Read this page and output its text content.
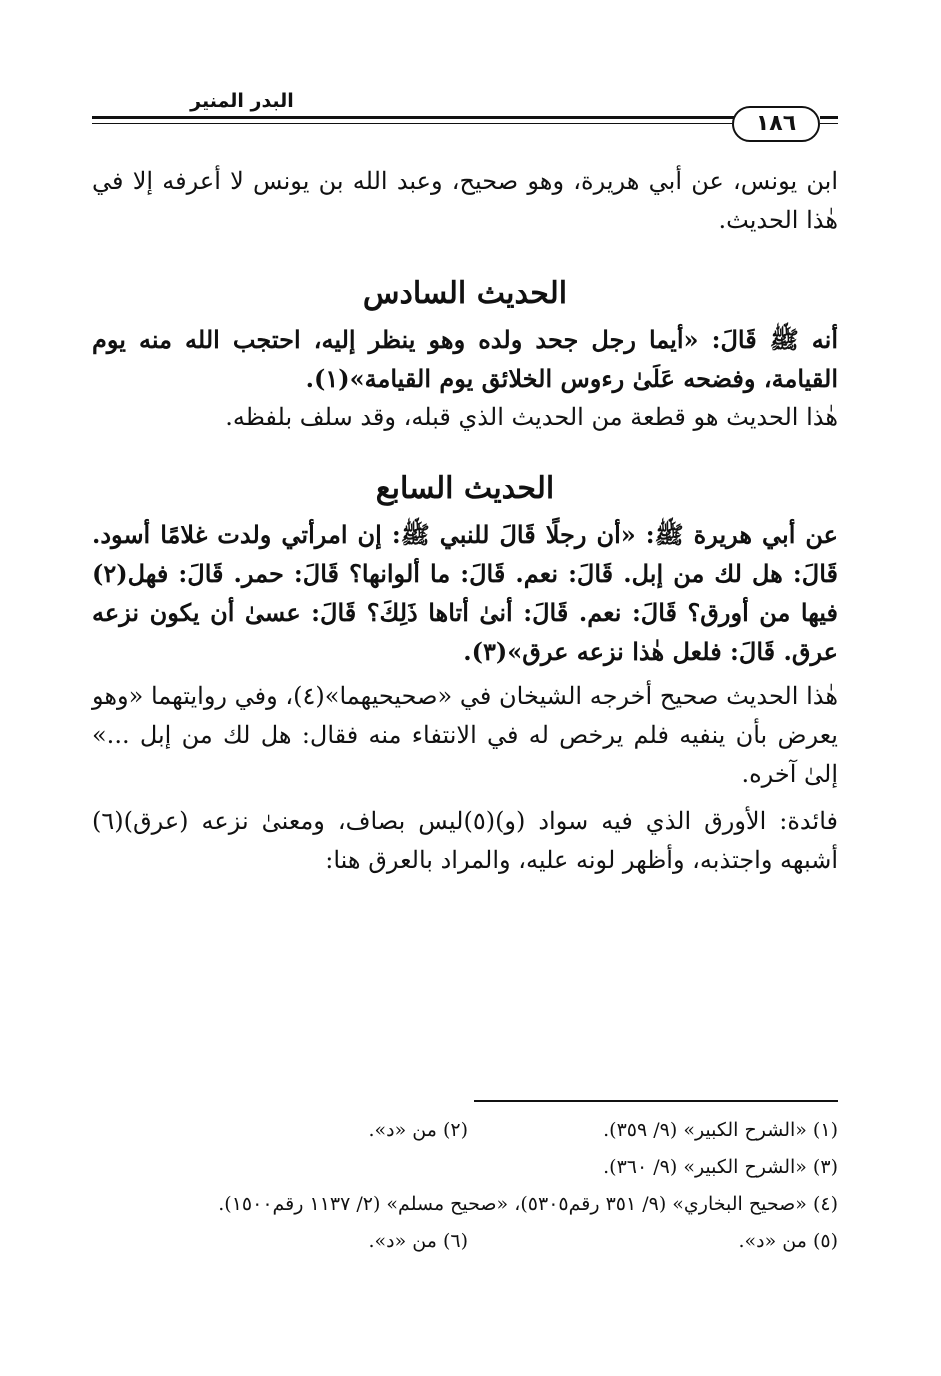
البدر المنير
١٨٦

ابن يونس، عن أبي هريرة، وهو صحيح، وعبد الله بن يونس لا أعرفه إلا في هٰذا الحديث.

الحديث السادس

أنه ﷺ قَالَ: «أيما رجل جحد ولده وهو ينظر إليه، احتجب الله منه يوم القيامة، وفضحه عَلَىٰ رءوس الخلائق يوم القيامة»(١).

هٰذا الحديث هو قطعة من الحديث الذي قبله، وقد سلف بلفظه.

الحديث السابع

عن أبي هريرة ﷺ: «أن رجلًا قَالَ للنبي ﷺ: إن امرأتي ولدت غلامًا أسود. قَالَ: هل لك من إبل. قَالَ: نعم. قَالَ: ما ألوانها؟ قَالَ: حمر. قَالَ: فهل(٢) فيها من أورق؟ قَالَ: نعم. قَالَ: أنىٰ أتاها ذَلِكَ؟ قَالَ: عسىٰ أن يكون نزعه عرق. قَالَ: فلعل هٰذا نزعه عرق»(٣).

هٰذا الحديث صحيح أخرجه الشيخان في «صحيحيهما»(٤)، وفي روايتهما «وهو يعرض بأن ينفيه فلم يرخص له في الانتفاء منه فقال: هل لك من إبل ...» إلىٰ آخره.

فائدة: الأورق الذي فيه سواد (و)(٥)ليس بصاف، ومعنىٰ نزعه (عرق)(٦) أشبهه واجتذبه، وأظهر لونه عليه، والمراد بالعرق هنا:

(١) «الشرح الكبير» (٩/ ٣٥٩).
(٢) من «د».
(٣) «الشرح الكبير» (٩/ ٣٦٠).
(٤) «صحيح البخاري» (٩/ ٣٥١ رقم٥٣٠٥)، «صحيح مسلم» (٢/ ١١٣٧ رقم١٥٠٠).
(٥) من «د».
(٦) من «د».
